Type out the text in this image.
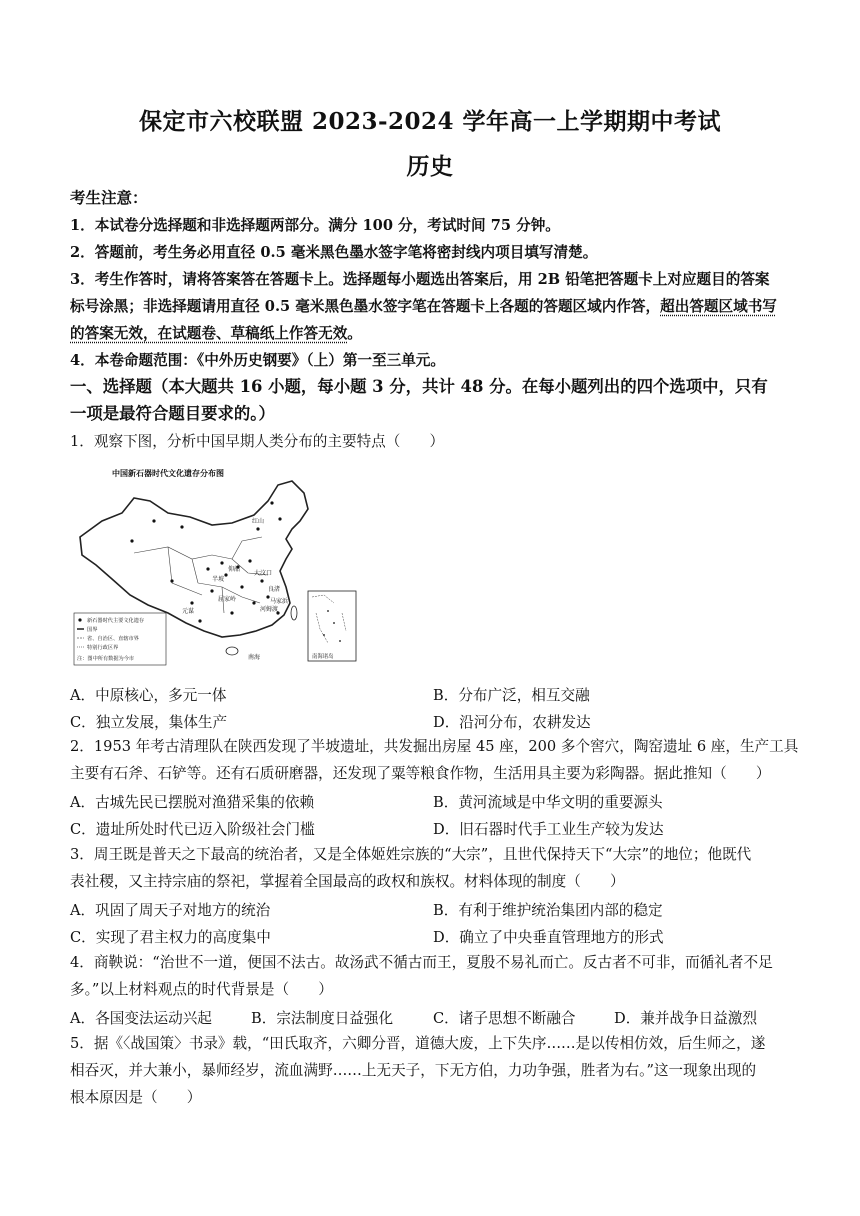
保定市六校联盟 2023-2024 学年高一上学期期中考试
历史
考生注意：
1．本试卷分选择题和非选择题两部分。满分 100 分，考试时间 75 分钟。
2．答题前，考生务必用直径 0.5 毫米黑色墨水签字笔将密封线内项目填写清楚。
3．考生作答时，请将答案答在答题卡上。选择题每小题选出答案后，用 2B 铅笔把答题卡上对应题目的答案
标号涂黑；非选择题请用直径 0.5 毫米黑色墨水签字笔在答题卡上各题的答题区域内作答，超出答题区域书写
的答案无效，在试题卷、草稿纸上作答无效。
4．本卷命题范围：《中外历史钢要》（上）第一至三单元。
一、选择题（本大题共 16 小题，每小题 3 分，共计 48 分。在每小题列出的四个选项中，只有
一项是最符合题目要求的。）
1．观察下图，分析中国早期人类分布的主要特点（　　）
中国新石器时代文化遗存分布图
红山
大汶口
半坡
仰韶
良渚
河姆渡
屈家岭	马家浜
元谋
南海
新石器时代主要文化遗存
国界
省、自治区、直辖市界
特别行政区界
注：图中所有数据为今市	南海诸岛
A．中原核心，多元一体	B．分布广泛，相互交融
C．独立发展，集体生产	D．沿河分布，农耕发达
2．1953 年考古清理队在陕西发现了半坡遗址，共发掘出房屋 45 座，200 多个窖穴，陶窑遗址 6 座，生产工具
主要有石斧、石铲等。还有石质研磨器，还发现了粟等粮食作物，生活用具主要为彩陶器。据此推知（　　）
A．古城先民已摆脱对渔猎采集的依赖	B．黄河流域是中华文明的重要源头
C．遗址所处时代已迈入阶级社会门槛	D．旧石器时代手工业生产较为发达
3．周王既是普天之下最高的统治者，又是全体姬姓宗族的“大宗”，且世代保持天下“大宗”的地位；他既代
表社稷，又主持宗庙的祭祀，掌握着全国最高的政权和族权。材料体现的制度（　　）
A．巩固了周天子对地方的统治	B．有利于维护统治集团内部的稳定
C．实现了君主权力的高度集中	D．确立了中央垂直管理地方的形式
4．商鞅说：“治世不一道，便国不法古。故汤武不循古而王，夏殷不易礼而亡。反古者不可非，而循礼者不足
多。”以上材料观点的时代背景是（　　）
A．各国变法运动兴起	B．宗法制度日益强化	C．诸子思想不断融合	D．兼并战争日益激烈
5．据《〈战国策〉书录》载，“田氏取齐，六卿分晋，道德大废，上下失序……是以传相仿效，后生师之，遂
相吞灭，并大兼小，暴师经岁，流血满野……上无天子，下无方伯，力功争强，胜者为右。”这一现象出现的
根本原因是（　　）
